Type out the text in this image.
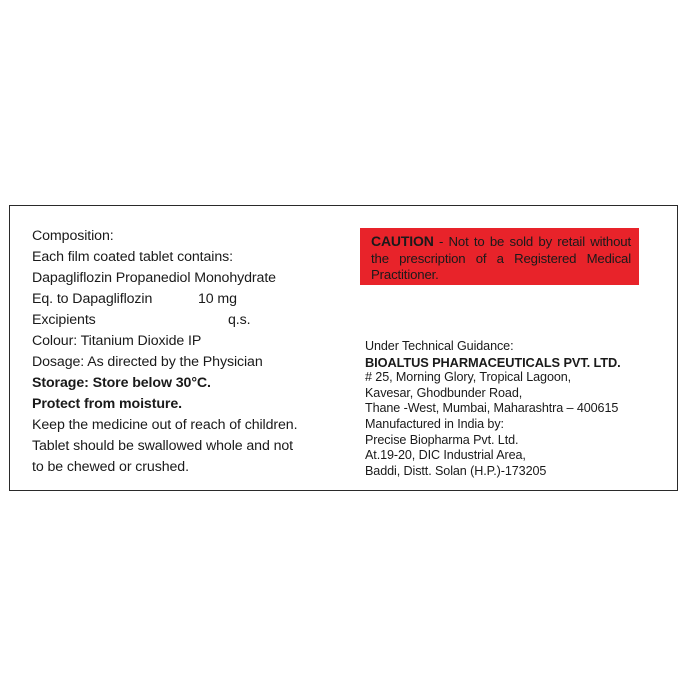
Composition:
Each film coated tablet contains:
Dapagliflozin Propanediol Monohydrate
Eq. to Dapagliflozin	10 mg
Excipients	q.s.
Colour: Titanium Dioxide IP
Dosage: As directed by the Physician
Storage: Store below 30°C.
Protect from moisture.
Keep the medicine out of reach of children.
Tablet should be swallowed whole and not
to be chewed or crushed.
CAUTION - Not to be sold by retail without the prescription of a Registered Medical Practitioner.
Under Technical Guidance:
BIOALTUS PHARMACEUTICALS PVT. LTD.
# 25, Morning Glory, Tropical Lagoon,
Kavesar, Ghodbunder Road,
Thane -West, Mumbai, Maharashtra – 400615
Manufactured in India by:
Precise Biopharma Pvt. Ltd.
At.19-20, DIC Industrial Area,
Baddi, Distt. Solan (H.P.)-173205
